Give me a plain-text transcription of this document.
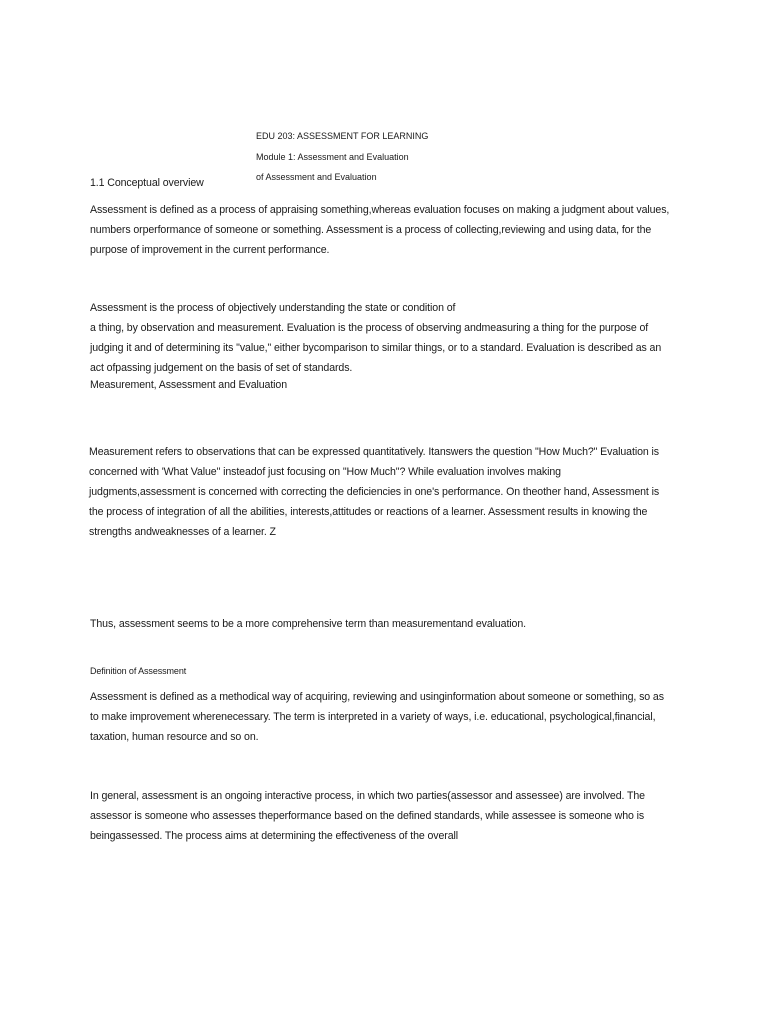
EDU 203: ASSESSMENT FOR LEARNING
Module 1: Assessment and Evaluation
of Assessment and Evaluation
1.1 Conceptual overview
Assessment is defined as a process of appraising something,whereas evaluation focuses on making a judgment about values,
numbers orperformance of someone or something. Assessment is a process of collecting,reviewing and using data, for the
purpose of improvement in the current performance.
Assessment is the process of objectively understanding the state or condition of
a thing, by observation and measurement. Evaluation is the process of observing andmeasuring a thing for the purpose of
judging it and of determining its "value," either bycomparison to similar things, or to a standard. Evaluation is described as an
act ofpassing judgement on the basis of set of standards.
Measurement, Assessment and Evaluation
Measurement refers to observations that can be expressed quantitatively. Itanswers the question "How Much?" Evaluation is
concerned with 'What Value" insteadof just focusing on "How Much"? While evaluation involves making
judgments,assessment is concerned with correcting the deficiencies in one's performance. On theother hand, Assessment is
the process of integration of all the abilities, interests,attitudes or reactions of a learner. Assessment results in knowing the
strengths andweaknesses of a learner. Z
Thus, assessment seems to be a more comprehensive term than measurementand evaluation.
Definition of Assessment
Assessment is defined as a methodical way of acquiring, reviewing and usinginformation about someone or something, so as
to make improvement wherenecessary. The term is interpreted in a variety of ways, i.e. educational, psychological,financial,
taxation, human resource and so on.
In general, assessment is an ongoing interactive process, in which two parties(assessor and assessee) are involved. The
assessor is someone who assesses theperformance based on the defined standards, while assessee is someone who is
beingassessed. The process aims at determining the effectiveness of the overall
